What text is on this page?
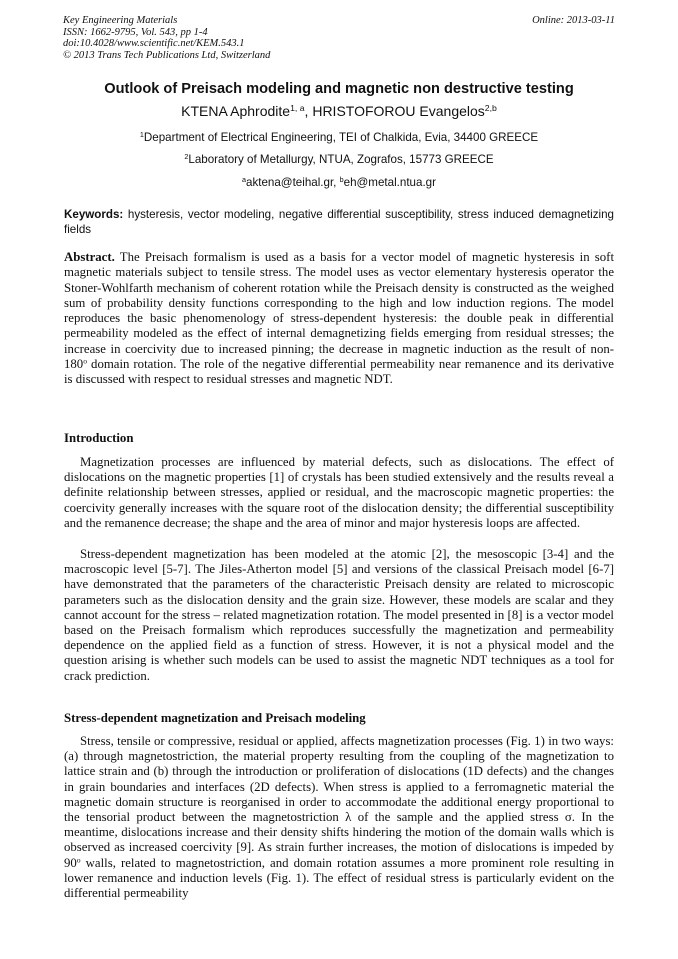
Key Engineering Materials
ISSN: 1662-9795, Vol. 543, pp 1-4
doi:10.4028/www.scientific.net/KEM.543.1
© 2013 Trans Tech Publications Ltd, Switzerland
Online: 2013-03-11
Outlook of Preisach modeling and magnetic non destructive testing
KTENA Aphrodite$^{1, a}$, HRISTOFOROU Evangelos$^{2,b}$
$^1$Department of Electrical Engineering, TEI of Chalkida, Evia, 34400 GREECE
$^2$Laboratory of Metallurgy, NTUA, Zografos, 15773 GREECE
$^a$aktena@teihal.gr, $^b$eh@metal.ntua.gr
Keywords: hysteresis, vector modeling, negative differential susceptibility, stress induced demagnetizing fields
Abstract. The Preisach formalism is used as a basis for a vector model of magnetic hysteresis in soft magnetic materials subject to tensile stress. The model uses as vector elementary hysteresis operator the Stoner-Wohlfarth mechanism of coherent rotation while the Preisach density is constructed as the weighed sum of probability density functions corresponding to the high and low induction regions. The model reproduces the basic phenomenology of stress-dependent hysteresis: the double peak in differential permeability modeled as the effect of internal demagnetizing fields emerging from residual stresses; the increase in coercivity due to increased pinning; the decrease in magnetic induction as the result of non-180$^o$ domain rotation. The role of the negative differential permeability near remanence and its derivative is discussed with respect to residual stresses and magnetic NDT.
Introduction
Magnetization processes are influenced by material defects, such as dislocations. The effect of dislocations on the magnetic properties [1] of crystals has been studied extensively and the results reveal a definite relationship between stresses, applied or residual, and the macroscopic magnetic properties: the coercivity generally increases with the square root of the dislocation density; the differential susceptibility and the remanence decrease; the shape and the area of minor and major hysteresis loops are affected.
Stress-dependent magnetization has been modeled at the atomic [2], the mesoscopic [3-4] and the macroscopic level [5-7]. The Jiles-Atherton model [5] and versions of the classical Preisach model [6-7] have demonstrated that the parameters of the characteristic Preisach density are related to microscopic parameters such as the dislocation density and the grain size. However, these models are scalar and they cannot account for the stress – related magnetization rotation. The model presented in [8] is a vector model based on the Preisach formalism which reproduces successfully the magnetization and permeability dependence on the applied field as a function of stress. However, it is not a physical model and the question arising is whether such models can be used to assist the magnetic NDT techniques as a tool for crack prediction.
Stress-dependent magnetization and Preisach modeling
Stress, tensile or compressive, residual or applied, affects magnetization processes (Fig. 1) in two ways: (a) through magnetostriction, the material property resulting from the coupling of the magnetization to lattice strain and (b) through the introduction or proliferation of dislocations (1D defects) and the changes in grain boundaries and interfaces (2D defects). When stress is applied to a ferromagnetic material the magnetic domain structure is reorganised in order to accommodate the additional energy proportional to the tensorial product between the magnetostriction λ of the sample and the applied stress σ. In the meantime, dislocations increase and their density shifts hindering the motion of the domain walls which is observed as increased coercivity [9]. As strain further increases, the motion of dislocations is impeded by 90$^o$ walls, related to magnetostriction, and domain rotation assumes a more prominent role resulting in lower remanence and induction levels (Fig. 1). The effect of residual stress is particularly evident on the differential permeability
